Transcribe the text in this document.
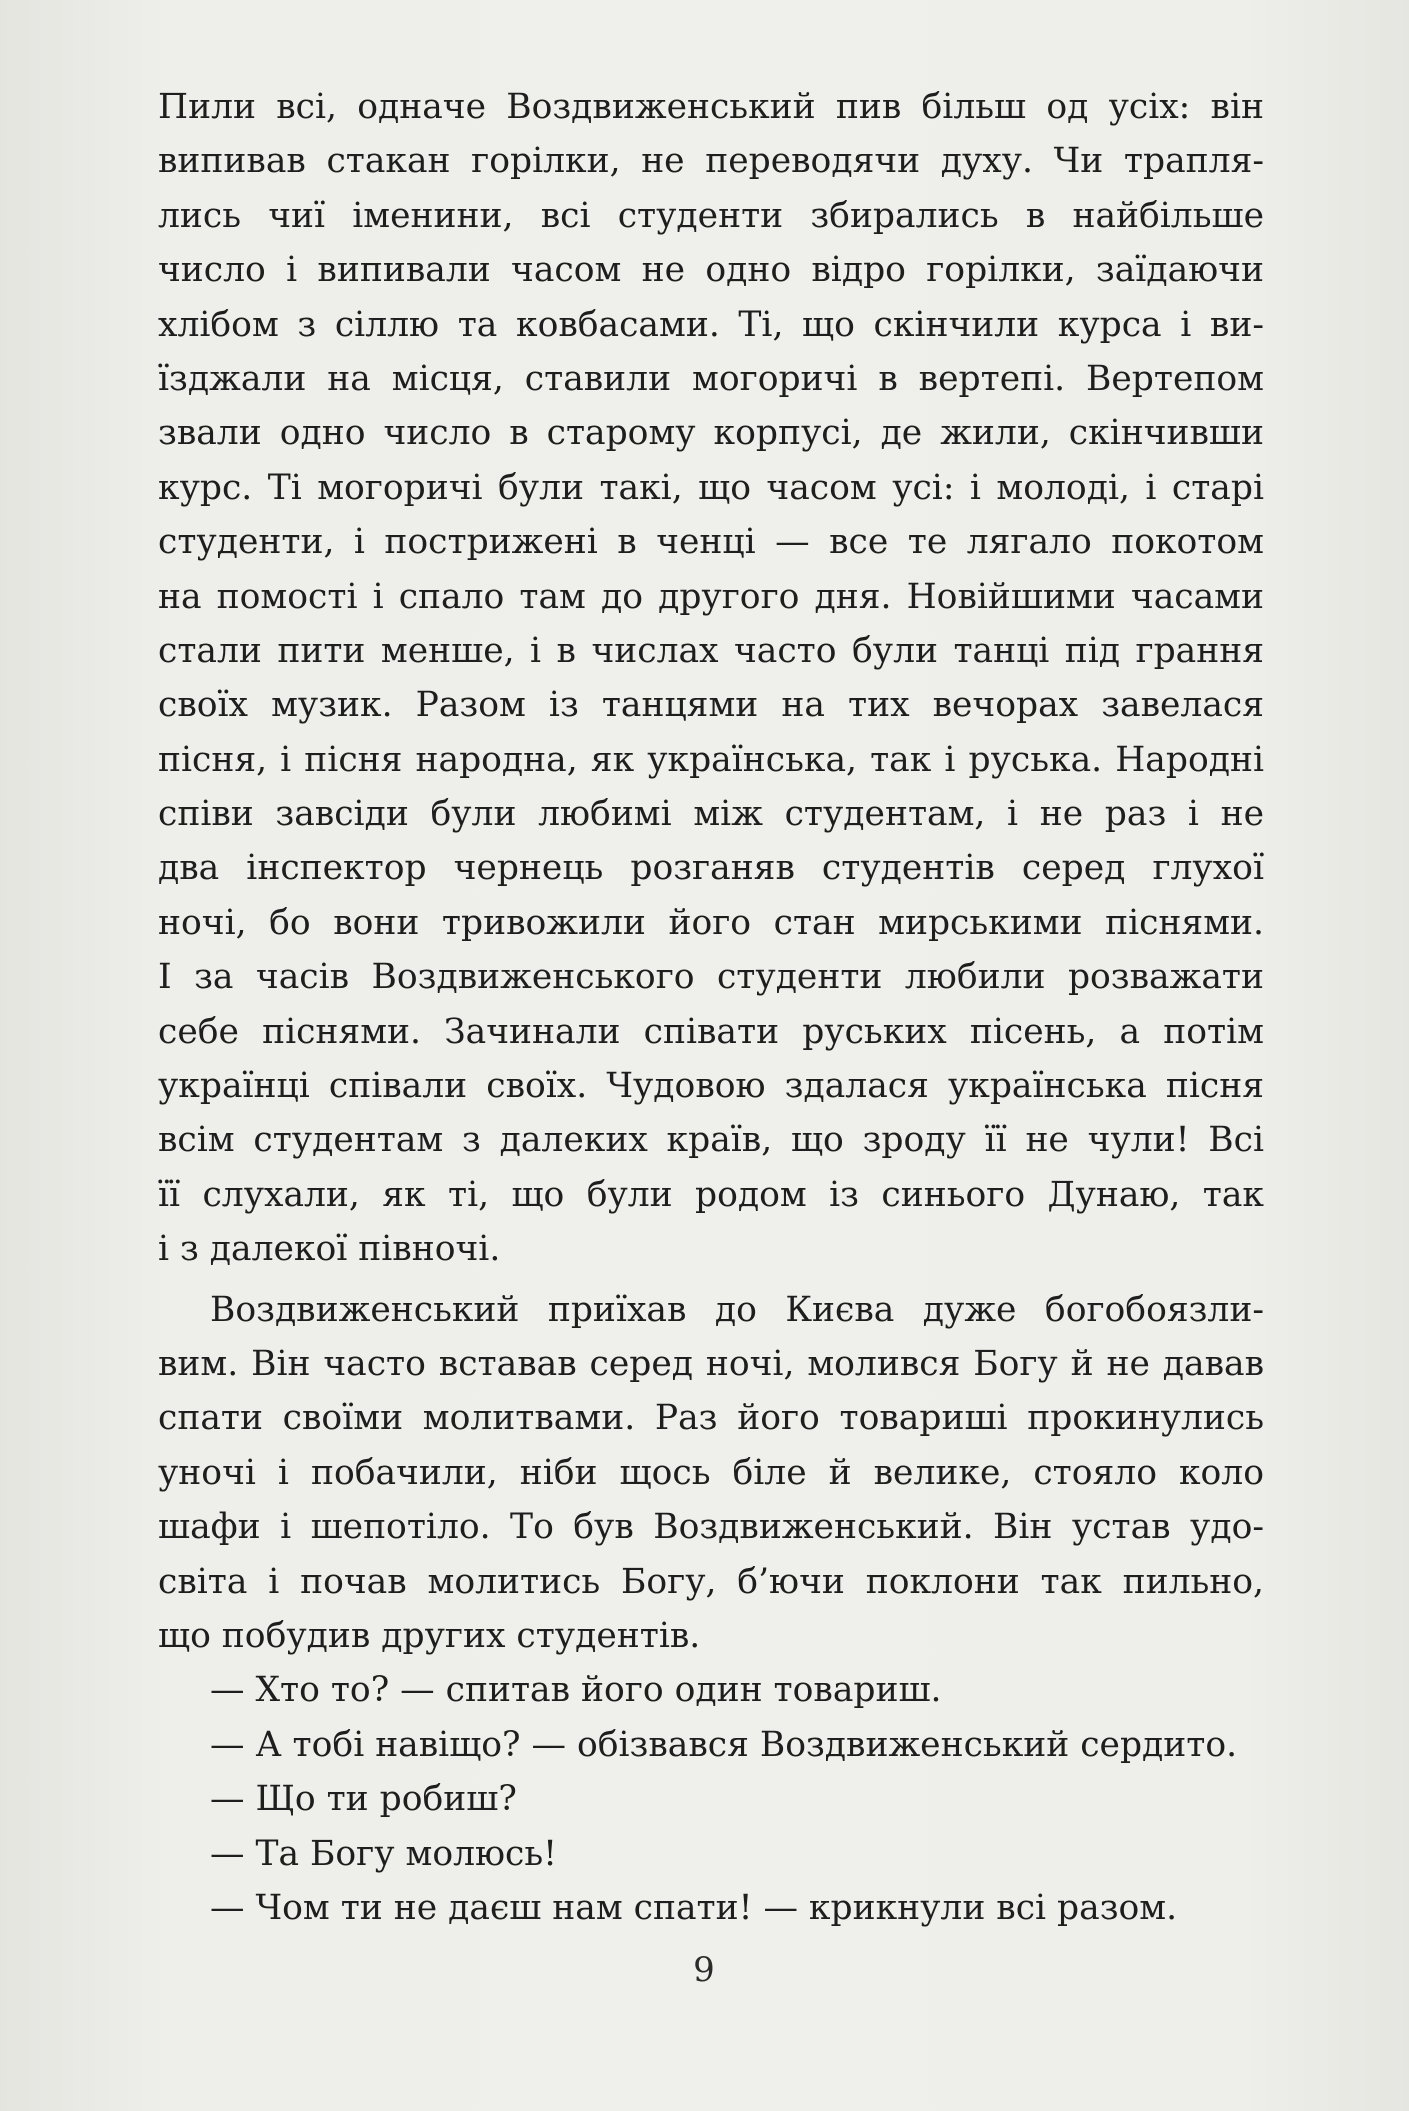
Пили всі, одначе Воздвиженський пив більш од усіх: він
випивав стакан горілки, не переводячи духу. Чи трапля-
лись чиї іменини, всі студенти збирались в найбільше
число і випивали часом не одно відро горілки, заїдаючи
хлібом з сіллю та ковбасами. Ті, що скінчили курса і ви-
їзджали на місця, ставили могоричі в вертепі. Вертепом
звали одно число в старому корпусі, де жили, скінчивши
курс. Ті могоричі були такі, що часом усі: і молоді, і старі
студенти, і пострижені в ченці — все те лягало покотом
на помості і спало там до другого дня. Новійшими часами
стали пити менше, і в числах часто були танці під грання
своїх музик. Разом із танцями на тих вечорах завелася
пісня, і пісня народна, як українська, так і руська. Народні
співи завсіди були любимі між студентам, і не раз і не
два інспектор чернець розганяв студентів серед глухої
ночі, бо вони тривожили його стан мирськими піснями.
І за часів Воздвиженського студенти любили розважати
себе піснями. Зачинали співати руських пісень, а потім
українці співали своїх. Чудовою здалася українська пісня
всім студентам з далеких країв, що зроду її не чули! Всі
її слухали, як ті, що були родом із синього Дунаю, так
і з далекої півночі.
Воздвиженський приїхав до Києва дуже богобоязли-
вим. Він часто вставав серед ночі, молився Богу й не давав
спати своїми молитвами. Раз його товариші прокинулись
уночі і побачили, ніби щось біле й велике, стояло коло
шафи і шепотіло. То був Воздвиженський. Він устав удо-
світа і почав молитись Богу, б’ючи поклони так пильно,
що побудив других студентів.
— Хто то? — спитав його один товариш.
— А тобі навіщо? — обізвався Воздвиженський сердито.
— Що ти робиш?
— Та Богу молюсь!
— Чом ти не даєш нам спати! — крикнули всі разом.
9
